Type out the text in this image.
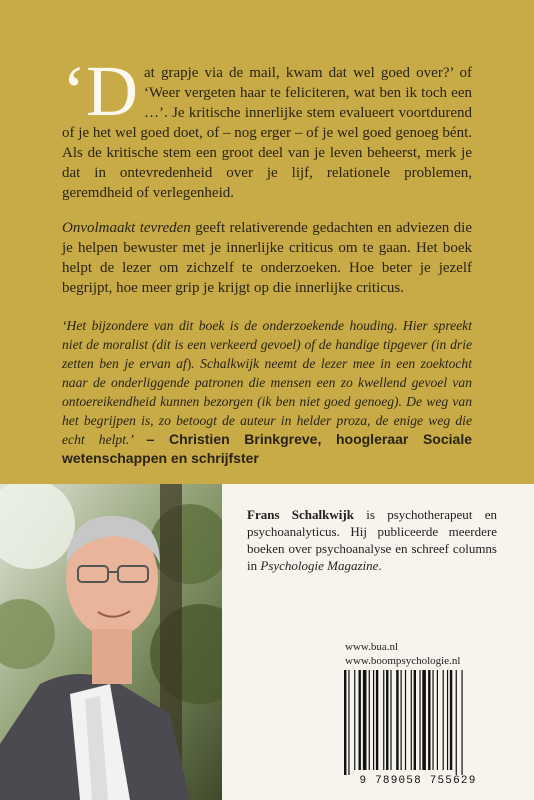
‘Dat grapje via de mail, kwam dat wel goed over?’ of ‘Weer vergeten haar te feliciteren, wat ben ik toch een …’. Je kritische innerlijke stem evalueert voortdurend of je het wel goed doet, of – nog erger – of je wel goed genoeg bént. Als de kritische stem een groot deel van je leven beheerst, merk je dat in ontevredenheid over je lijf, relationele problemen, geremdheid of verlegenheid.

Onvolmaakt tevreden geeft relativerende gedachten en adviezen die je helpen bewuster met je innerlijke criticus om te gaan. Het boek helpt de lezer om zichzelf te onderzoeken. Hoe beter je jezelf begrijpt, hoe meer grip je krijgt op die innerlijke criticus.

‘Het bijzondere van dit boek is de onderzoekende houding. Hier spreekt niet de moralist (dit is een verkeerd gevoel) of de handige tipgever (in drie zetten ben je ervan af). Schalkwijk neemt de lezer mee in een zoektocht naar de onderliggende patronen die mensen een zo kwellend gevoel van ontoereikendheid kunnen bezorgen (ik ben niet goed genoeg). De weg van het begrijpen is, zo betoogt de auteur in helder proza, de enige weg die echt helpt.’ – Christien Brinkgreve, hoogleraar Sociale wetenschappen en schrijfster

Frans Schalkwijk is psychotherapeut en psychoanalyticus. Hij publiceerde meerdere boeken over psychoanalyse en schreef columns in Psychologie Magazine.
www.bua.nl
www.boompsychologie.nl
9 789058 755629
